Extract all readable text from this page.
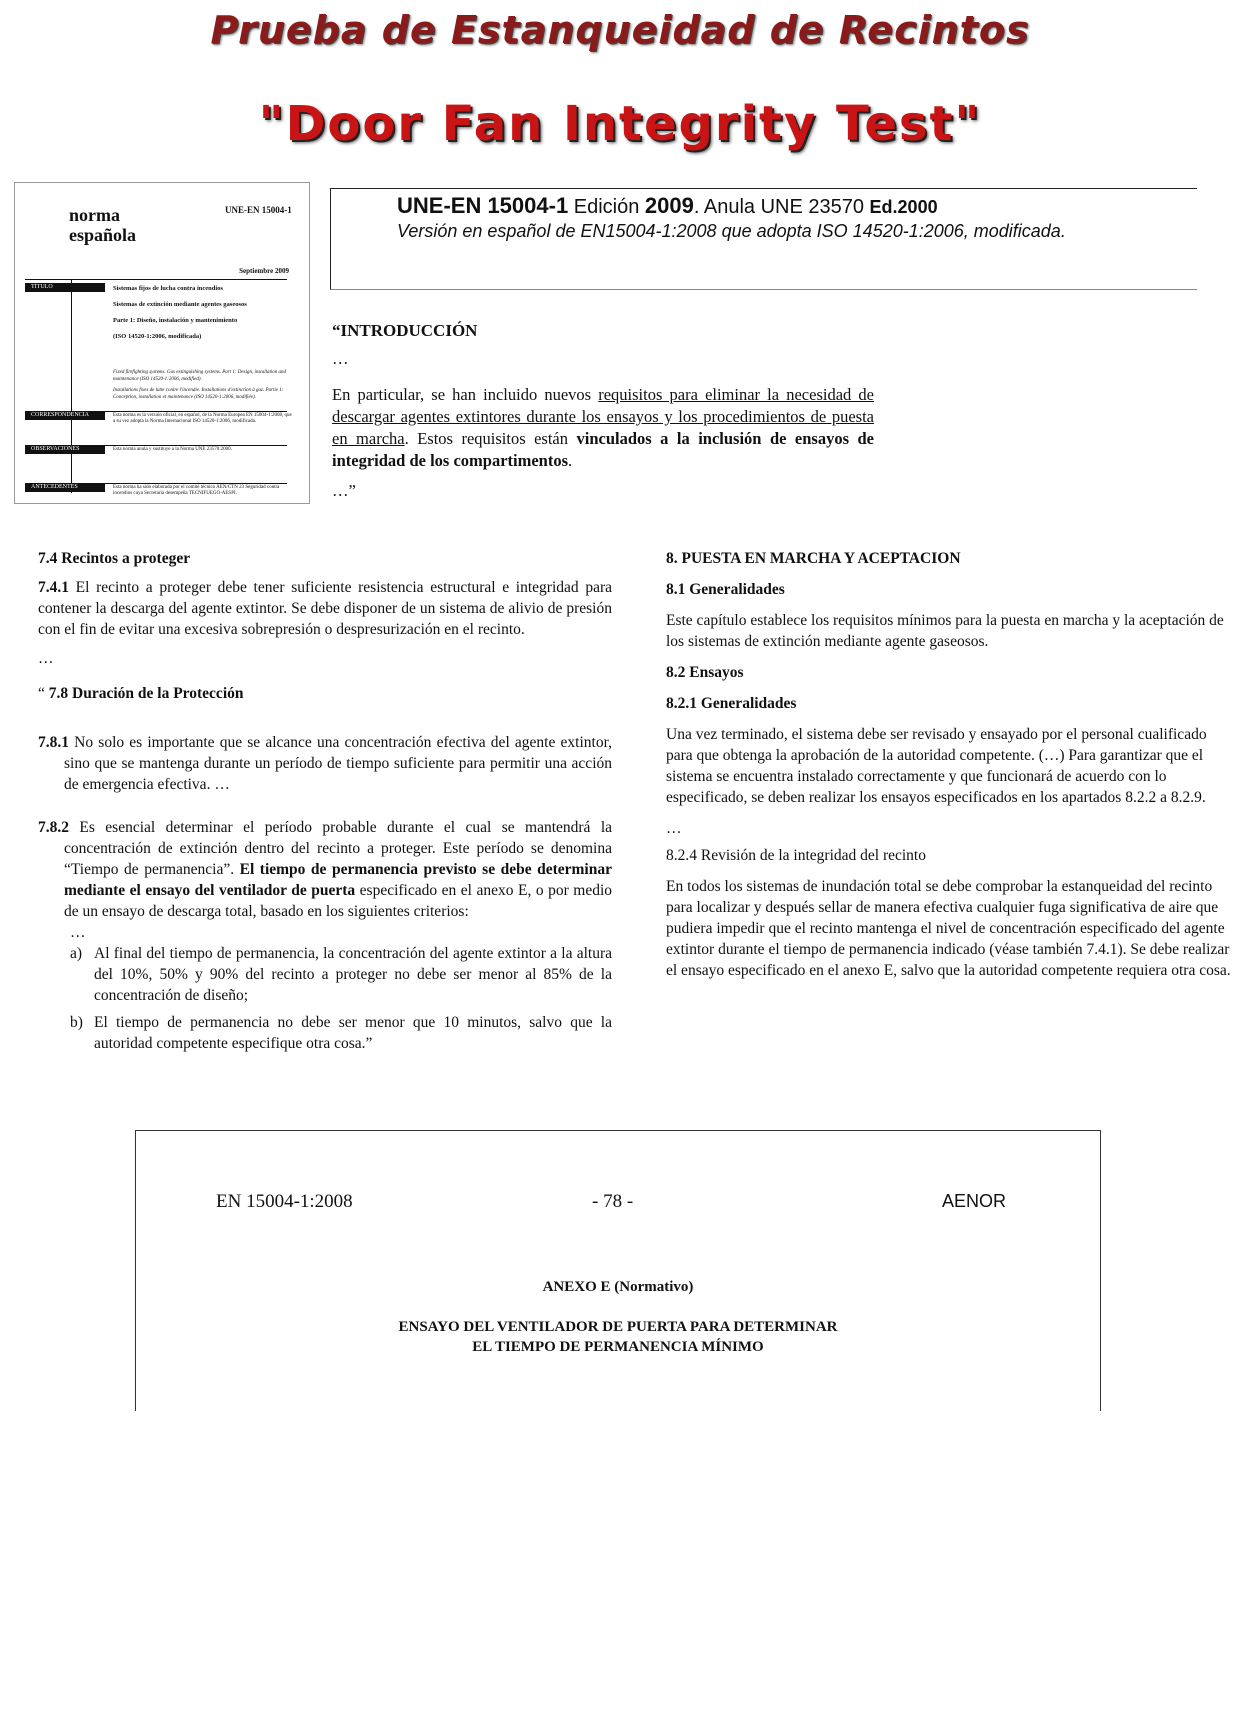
Prueba de Estanqueidad de Recintos
"Door Fan Integrity Test"
norma
española
UNE-EN 15004-1
Septiembre 2009
TÍTULO	Sistemas fijos de lucha contra incendios
Sistemas de extinción mediante agentes gaseosos
Parte 1: Diseño, instalación y mantenimiento
(ISO 14520-1:2006, modificada)
Fixed firefighting systems. Gas extinguishing systems. Part 1: Design, installation and maintenance (ISO 14520-1:2006, modified).
Installations fixes de lutte contre l'incendie. Installations d'extinction à gaz. Partie 1: Conception, installation et maintenance (ISO 14520-1:2006, modifiée).
CORRESPONDENCIA	Esta norma es la versión oficial, en español, de la Norma Europea EN 15004-1:2008, que a su vez adopta la Norma Internacional ISO 14520-1:2006, modificada.
OBSERVACIONES	Esta norma anula y sustituye a la Norma UNE 23570:2000.
ANTECEDENTES	Esta norma ha sido elaborada por el comité técnico AEN/CTN 23 Seguridad contra incendios cuya Secretaría desempeña TECNIFUEGO-AESPI.
UNE-EN 15004-1 Edición 2009. Anula UNE 23570 Ed.2000
Versión en español de EN15004-1:2008 que adopta ISO 14520-1:2006, modificada.
“INTRODUCCIÓN

…

En particular, se han incluido nuevos requisitos para eliminar la necesidad de descargar agentes extintores durante los ensayos y los procedimientos de puesta en marcha. Estos requisitos están vinculados a la inclusión de ensayos de integridad de los compartimentos.

…”

7.4 Recintos a proteger

7.4.1 El recinto a proteger debe tener suficiente resistencia estructural e integridad para contener la descarga del agente extintor. Se debe disponer de un sistema de alivio de presión con el fin de evitar una excesiva sobrepresión o despresurización en el recinto.

…

“ 7.8 Duración de la Protección

7.8.1 No solo es importante que se alcance una concentración efectiva del agente extintor, sino que se mantenga durante un período de tiempo suficiente para permitir una acción de emergencia efectiva. …

7.8.2 Es esencial determinar el período probable durante el cual se mantendrá la concentración de extinción dentro del recinto a proteger. Este período se denomina “Tiempo de permanencia”. El tiempo de permanencia previsto se debe determinar mediante el ensayo del ventilador de puerta especificado en el anexo E, o por medio de un ensayo de descarga total, basado en los siguientes criterios:

…

a) Al final del tiempo de permanencia, la concentración del agente extintor a la altura del 10%, 50% y 90% del recinto a proteger no debe ser menor al 85% de la concentración de diseño;

b) El tiempo de permanencia no debe ser menor que 10 minutos, salvo que la autoridad competente especifique otra cosa.”

8. PUESTA EN MARCHA Y ACEPTACION

8.1 Generalidades

Este capítulo establece los requisitos mínimos para la puesta en marcha y la aceptación de los sistemas de extinción mediante agente gaseosos.

8.2 Ensayos

8.2.1 Generalidades

Una vez terminado, el sistema debe ser revisado y ensayado por el personal cualificado para que obtenga la aprobación de la autoridad competente. (…) Para garantizar que el sistema se encuentra instalado correctamente y que funcionará de acuerdo con lo especificado, se deben realizar los ensayos especificados en los apartados 8.2.2 a 8.2.9.

…

8.2.4 Revisión de la integridad del recinto

En todos los sistemas de inundación total se debe comprobar la estanqueidad del recinto para localizar y después sellar de manera efectiva cualquier fuga significativa de aire que pudiera impedir que el recinto mantenga el nivel de concentración especificado del agente extintor durante el tiempo de permanencia indicado (véase también 7.4.1). Se debe realizar el ensayo especificado en el anexo E, salvo que la autoridad competente requiera otra cosa.

EN 15004-1:2008	- 78 -	AENOR
ANEXO E (Normativo)
ENSAYO DEL VENTILADOR DE PUERTA PARA DETERMINAR
EL TIEMPO DE PERMANENCIA MÍNIMO
